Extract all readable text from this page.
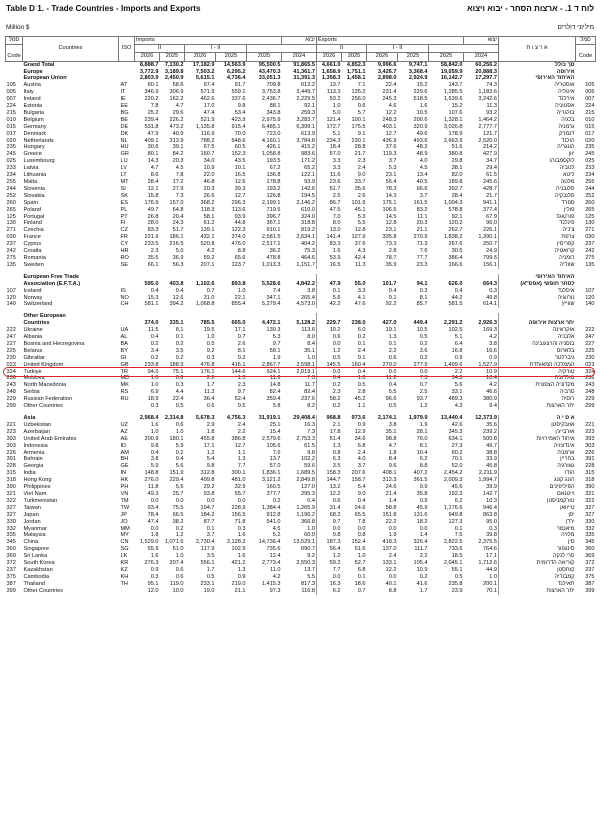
Table D 1. - Trade Countries - Imports and Exports	לוח ד 1. - ארצות הסחר - יבוא ויצוא
Million $	מיליוני דולרים
סמל	Countries	ISO	Imports					יבוא	Exports					יצוא	א ר צ ו ת	סמל
Code			II		I - II				II		I - II					Code
			2026	2025	2026	2025	2025	2024	2026	2025	2026	2025	2025	2024		
	Grand Total		8,888.7	7,130.2	17,182.9	14,563.9	95,500.5	91,865.5	4,661.0	4,852.3	9,996.6	9,747.1	58,842.0	60,256.2	סך כולל	
	Europe		3,772.9	3,189.8	7,503.2	6,295.2	43,470.3	41,361.7	1,658.9	1,751.1	3,426.7	3,368.4	19,059.9	20,888.3	אירופה	
	European Union		2,803.9	2,450.9	5,615.1	4,736.4	33,051.3	31,391.3	1,358.3	1,458.1	2,898.0	2,924.9	16,142.7	17,297.7	האיחוד האירופי	
105	Austria	AT	60.1	58.6	97.4	91.7	709.8	612.2	13.7	7.1	22.4	15.2	143.7	74.3	אוסטריה	105
005	Italy	IT	346.9	306.9	571.9	559.1	3,753.8	3,449.7	113.3	135.2	231.4	229.6	1,285.5	1,183.6	איטליה	005
007	Ireland	IE	220.2	162.2	462.6	337.6	2,436.7	2,229.5	53.2	256.0	245.3	518.5	1,539.6	3,242.6	אירלנד	007
224	Estonia	EE	7.8	4.7	17.0	9.8	88.1	92.1	1.0	0.6	4.6	1.6	15.2	11.3	אסטוניה	224
215	Bulgaria	BG	25.2	29.6	47.4	53.4	343.8	259.3	5.0	5.7	12.2	10.5	107.6	93.2	בולגריה	215
010	Belgium	BE	239.4	226.2	521.9	423.9	2,975.9	3,283.7	121.4	100.1	248.3	200.6	1,328.1	1,464.2	בלגיה	010
015	Germany	DE	531.8	473.2	1,135.8	915.4	6,485.1	6,399.1	172.7	175.5	403.1	320.9	3,026.8	2,777.7	גרמניה	015
017	Denmark	DK	47.9	40.9	116.9	70.0	723.0	613.9	5.1	9.1	12.7	49.6	178.9	121.7	דנמרק	017
020	Netherlands	NL	409.1	313.9	788.2	648.6	4,160.1	3,784.8	234.3	230.1	436.9	493.6	2,663.9	2,520.0	הולנד	020
235	Hungary	HU	30.6	39.1	67.5	60.5	426.1	415.2	18.4	28.8	37.6	48.2	51.6	214.2	הונגריה	235
245	Greece	GR	80.1	84.2	160.7	152.3	1,058.8	983.6	57.0	21.7	119.3	48.9	380.8	427.9	יוון	245
025	Luxembourg	LU	14.3	20.3	34.0	43.5	193.5	171.2	3.3	2.3	3.7	4.0	29.8	34.7	לוקסמבורג	025
233	Latvia	LV	4.7	4.5	10.9	10.1	67.2	65.2	3.3	2.4	5.3	4.5	38.1	29.4	לטביה	233
234	Lithuania	LT	8.6	7.8	22.0	16.5	136.8	122.1	11.6	9.0	23.1	13.4	82.0	61.5	ליטא	234
255	Malta	MT	28.4	17.2	46.8	12.6	178.8	93.9	23.6	33.7	56.4	40.5	189.8	245.6	מלטה	255
244	Slovenia	SI	12.1	27.9	20.3	39.3	193.2	142.6	51.7	35.6	78.3	66.6	392.7	428.7	סלובניה	244
252	Slovakia	SK	15.8	7.3	26.6	12.7	126.8	194.5	2.5	2.6	14.3	3.7	28.4	21.7	סלובקיה	252
260	Spain	ES	176.9	157.0	368.2	296.3	2,199.1	2,146.2	86.7	101.9	175.1	161.5	1,004.3	941.1	ספרד	260
265	Poland	PL	49.7	64.8	118.3	113.6	719.5	610.0	47.5	45.1	106.5	83.2	578.8	377.4	פולין	265
125	Portugal	PT	26.8	20.4	58.1	93.9	396.7	324.0	7.0	5.3	14.5	11.1	92.1	67.9	פורטוגל	125
130	Finland	FI	28.0	24.3	61.2	44.8	367.1	318.8	8.0	5.5	12.8	20.3	120.2	96.0	פינלנד	130
271	Czechia	CZ	83.3	51.7	139.1	122.3	910.1	819.2	13.0	12.8	23.1	21.1	262.7	226.1	צ'כיה	271
030	France	FR	221.9	186.1	432.1	374.0	2,581.5	2,634.1	141.4	127.9	335.8	270.9	1,838.2	1,390.1	צרפת	030
237	Cyprus	CY	233.5	216.5	520.8	476.0	2,517.1	404.2	83.3	37.6	73.3	71.3	267.6	250.7	קפריסין	237
242	Croatia	HR	2.3	5.0	4.2	8.8	36.2	75.3	1.6	4.3	2.8	7.6	30.5	24.9	קרואטיה	242
275	Romania	RO	35.5	36.9	59.2	65.6	478.8	464.6	53.9	42.4	78.7	77.7	386.4	799.5	רומניה	275
135	Sweden	SE	66.1	56.3	207.1	123.7	1,013.3	1,151.7	16.5	11.3	35.9	23.3	166.6	156.1	שוודיה	135

	European Free Trade														האיחוד האירופי	
	Association (E.F.T.A.)		595.0	403.8	1,102.6	893.8	5,528.6	4,842.2	47.9	55.0	101.7	94.1	626.0	664.3	לסחר חופשי (אפס"א)	
107	Iceland	IS	0.4	0.4	0.7	1.0	7.4	3.8	0.1	3.3	0.4	0.3	0.4	0.3	איסלנד	107
120	Norway	NO	15.3	12.6	31.0	22.1	347.1	265.4	5.6	4.1	9.1	8.1	44.2	49.8	נורווגיה	120
140	Switzerland	CH	581.1	394.2	1,068.8	855.4	5,279.4	4,573.0	42.2	47.6	92.2	85.7	581.5	614.1	שווייץ	140

	Other European															
	Countries		374.0	335.1	785.5	665.0	4,472.1	5,128.2	229.7	238.0	427.0	449.4	2,291.2	2,926.3	יתר ארצות אירופה	
222	Ukraine	UA	11.5	8.1	19.5	17.1	130.3	113.6	10.2	6.0	19.1	10.5	102.5	169.3	אוקראינה	222
247	Albania	AL	0.4	0.1	1.0	0.7	5.3	8.0	0.6	0.2	1.3	0.5	5.1	4.2	אלבניה	247
227	Bosnia and Herzegovina	BA	0.2	0.2	0.5	2.6	9.7	8.4	0.0	0.1	0.1	0.2	6.4	3.8	בוסניה והרצגובינה	227
225	Belarus	BY	3.4	3.5	9.2	8.1	58.1	35.1	1.2	2.4	2.2	3.6	16.8	16.6	בלארוס	225
230	Gibraltar	GI	0.2	0.2	0.3	0.2	1.9	1.0	0.5	0.1	0.6	0.2	0.9	0.9	גיברלטר	230
023	United Kingdom	GB	233.8	188.9	476.8	416.1	2,867.7	2,598.1	145.5	160.4	279.0	277.9	1,499.6	1,527.9	הממלכה המאוחדת	023
324	Turkiye	TR	94.0	75.1	176.1	144.6	924.1	2,019.1	0.0	0.4	0.0	0.0	2.2	10.9	טורקיה	324
236	Moldova	MD	1.0	0.6	2.2	1.3	11.6	7.3	0.4	1.0	11.2	7.3	34.3	10.4	מולדובה	236
243	North Macedonia	MK	1.0	0.3	1.7	2.3	14.8	11.7	0.2	0.5	0.4	0.7	5.6	4.2	מקדוניה הצפונית	243
248	Serbia	RS	6.9	4.4	11.3	9.7	82.4	82.4	2.3	2.8	5.5	2.5	33.1	46.6	סרביה	248
229	Russian Federation	RU	18.9	22.4	36.4	52.4	359.4	237.6	58.2	45.2	96.6	93.7	489.3	380.9	רוסיה	229
299	Other Countries		0.3	0.5	0.6	0.5	5.8	8.2	0.2	1.1	0.5	1.2	4.3	9.4	יתר הארצות	299

	Asia		2,968.4	2,314.8	5,678.3	4,756.3	31,919.1	29,408.4	968.8	973.6	2,174.1	1,979.9	13,440.4	12,373.9	א ס י ה	
221	Uzbekistan	UZ	1.6	0.6	2.9	2.4	25.1	16.3	2.1	0.9	3.8	1.9	42.6	35.6	אוזבקיסטן	221
223	Azerbaijan	AZ	1.0	1.0	1.8	2.2	15.4	7.3	17.8	12.9	35.1	28.1	345.3	239.2	אזרבייג'ן	223
393	United Arab Emirates	AE	200.9	180.1	455.8	386.8	2,579.6	2,753.3	51.4	34.6	98.8	76.0	634.1	500.8	איחוד האמירויות	393
303	Indonesia	ID	9.8	5.9	17.1	12.7	105.6	61.5	1.3	6.8	4.7	8.1	27.3	49.7	אינדונזיה	303
226	Armenia	AM	0.4	0.2	1.2	1.1	7.6	9.8	0.8	2.4	1.8	10.4	60.2	38.8	ארמניה	226
391	Bahrain	BH	3.8	0.4	5.4	1.3	13.7	102.2	6.3	4.0	8.4	6.2	70.1	33.9	בחריין	391
228	Georgia	GE	5.9	5.6	9.8	7.7	57.0	59.6	3.5	3.7	9.6	8.8	52.0	45.8	גאורגיה	228
315	India	IN	148.8	151.9	312.8	300.1	1,836.1	1,689.5	158.3	207.6	408.1	407.2	2,454.2	2,211.9	הודו	315
318	Hong Kong	HK	276.0	229.4	499.8	481.0	3,121.2	2,849.8	144.7	158.7	312.3	361.5	2,009.3	1,994.7	הונג קונג	318
390	Philippines	PH	11.8	5.6	29.2	32.9	160.5	127.0	13.2	5.4	24.6	9.9	45.6	39.9	הפיליפינים	390
321	Viet Nam	VN	49.3	25.7	93.8	55.7	377.7	295.3	12.2	9.0	21.4	35.8	192.3	142.7	וייטנאם	321
322	Turkmenistan	TM	0.0	0.0	0.0	0.0	0.2	0.4	0.6	0.4	1.4	0.9	6.2	10.3	טורקמניסטן	322
327	Taiwan	TW	93.4	75.5	194.7	228.9	1,384.4	1,265.9	31.4	24.6	58.8	45.9	1,176.6	946.4	טייוואן	327
327	Japan	JP	78.4	66.5	184.2	156.5	912.8	1,196.2	68.2	65.5	151.8	131.6	949.8	863.8	יפן	327
330	Jordan	JO	47.4	38.2	87.7	71.8	541.0	366.8	9.7	7.8	22.2	18.2	127.3	95.0	ירדן	330
332	Myanmar	MM	0.0	0.2	0.1	0.3	4.5	1.0	0.0	0.0	0.0	0.0	0.1	0.3	מיאנמר	332
335	Malaysia	MY	1.8	1.2	3.7	1.6	5.2	60.0	0.8	0.8	1.9	1.4	7.5	39.8	מלזיה	335
345	China	CN	1,529.0	1,071.6	2,730.4	2,128.2	14,736.4	13,529.1	187.3	152.4	418.3	326.4	2,822.5	2,375.5	סין	345
360	Singapore	SG	55.9	51.0	117.9	102.9	735.6	690.7	56.4	51.6	137.0	111.7	733.6	764.6	סינגפור	360
369	Sri Lanka	LK	1.6	1.0	3.5	1.6	12.4	9.2	1.2	1.0	2.4	2.2	18.5	17.1	סרי לנקה	369
372	South Korea	KR	276.3	207.4	556.1	421.2	2,773.4	2,550.3	59.2	52.7	133.1	105.4	2,045.1	1,712.6	קוריאה הדרומית	372
237	Kazakhstan	KZ	0.9	0.6	1.7	1.3	11.0	13.7	7.7	6.8	12.2	10.9	55.1	44.9	קזחסטן	237
375	Cambodia	KH	0.3	0.6	0.5	0.9	4.2	5.5	0.0	0.1	0.0	0.2	0.5	1.0	קמבודיה	375
387	Thailand	TH	95.1	119.0	233.1	219.0	1,415.3	817.3	16.3	18.6	40.1	41.6	235.8	200.1	תאילנד	387
399	Other Countries		12.0	10.0	19.0	21.1	97.3	116.8	6.2	0.7	8.8	1.7	23.9	70.1	יתר הארצות	399
